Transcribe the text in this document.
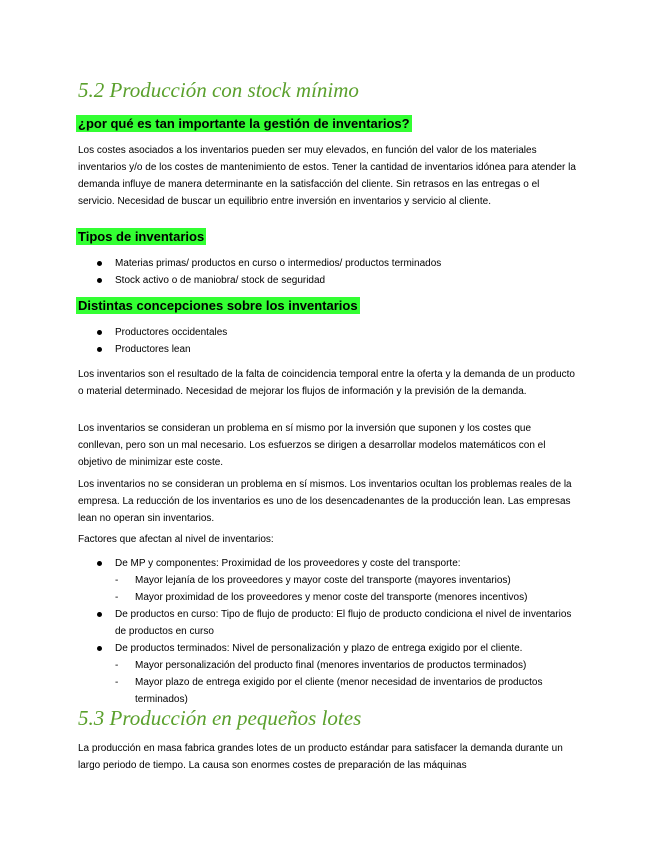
5.2 Producción con stock mínimo
¿por qué es tan importante la gestión de inventarios?

Los costes asociados a los inventarios pueden ser muy elevados, en función del valor de los materiales inventarios y/o de los costes de mantenimiento de estos. Tener la cantidad de inventarios idónea para atender la demanda influye de manera determinante en la satisfacción del cliente. Sin retrasos en las entregas o el servicio. Necesidad de buscar un equilibrio entre inversión en inventarios y servicio al cliente.

Tipos de inventarios
Materias primas/ productos en curso o intermedios/ productos terminados
Stock activo o de maniobra/ stock de seguridad
Distintas concepciones sobre los inventarios
Productores occidentales
Productores lean

Los inventarios son el resultado de la falta de coincidencia temporal entre la oferta y la demanda de un producto o material determinado. Necesidad de mejorar los flujos de información y la previsión de la demanda.

Los inventarios se consideran un problema en sí mismo por la inversión que suponen y los costes que conllevan, pero son un mal necesario. Los esfuerzos se dirigen a desarrollar modelos matemáticos con el objetivo de minimizar este coste.

Los inventarios no se consideran un problema en sí mismos. Los inventarios ocultan los problemas reales de la empresa. La reducción de los inventarios es uno de los desencadenantes de la producción lean. Las empresas lean no operan sin inventarios.

Factores que afectan al nivel de inventarios:

De MP y componentes: Proximidad de los proveedores y coste del transporte:
- Mayor lejanía de los proveedores y mayor coste del transporte (mayores inventarios)
- Mayor proximidad de los proveedores y menor coste del transporte (menores incentivos)
De productos en curso: Tipo de flujo de producto: El flujo de producto condiciona el nivel de inventarios de productos en curso
De productos terminados: Nivel de personalización y plazo de entrega exigido por el cliente.
- Mayor personalización del producto final (menores inventarios de productos terminados)
- Mayor plazo de entrega exigido por el cliente (menor necesidad de inventarios de productos terminados)
5.3 Producción en pequeños lotes

La producción en masa fabrica grandes lotes de un producto estándar para satisfacer la demanda durante un largo periodo de tiempo. La causa son enormes costes de preparación de las máquinas
